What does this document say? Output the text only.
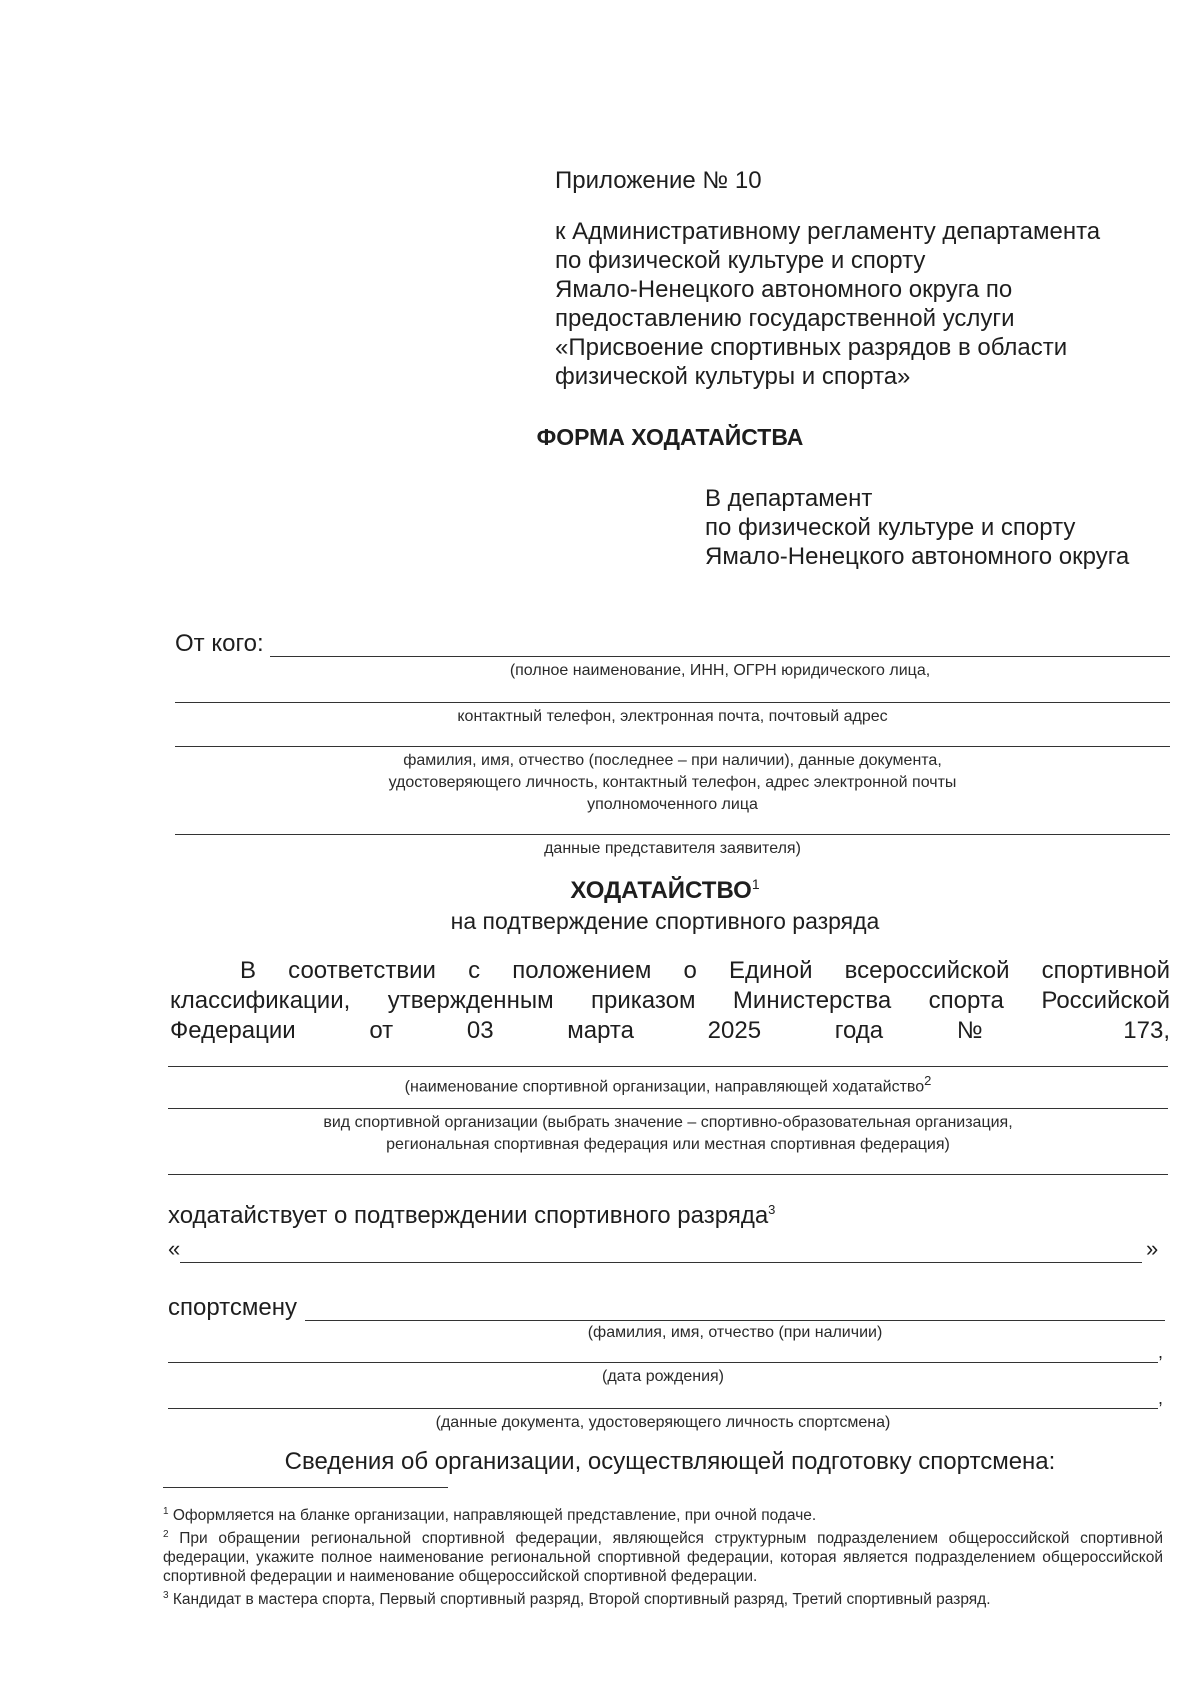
Приложение № 10
к Административному регламенту департамента
по физической культуре и спорту
Ямало-Ненецкого автономного округа по
предоставлению государственной услуги
«Присвоение спортивных разрядов в области
физической культуры и спорта»
ФОРМА ХОДАТАЙСТВА
В департамент
по физической культуре и спорту
Ямало-Ненецкого автономного округа
От кого:
(полное наименование, ИНН, ОГРН юридического лица,
контактный телефон, электронная почта, почтовый адрес
фамилия, имя, отчество (последнее – при наличии), данные документа,
удостоверяющего личность, контактный телефон, адрес электронной почты
уполномоченного лица
данные представителя заявителя)
ХОДАТАЙСТВО$^1$
на подтверждение спортивного разряда
В соответствии с положением о Единой всероссийской спортивной
классификации, утвержденным приказом Министерства спорта Российской
Федерации от 03 марта 2025 года № 173,
(наименование спортивной организации, направляющей ходатайство$^2$
вид спортивной организации (выбрать значение – спортивно-образовательная организация,
региональная спортивная федерация или местная спортивная федерация)
ходатайствует о подтверждении спортивного разряда$^3$
«	»
спортсмену
(фамилия, имя, отчество (при наличии)
,
(дата рождения)
,
(данные документа, удостоверяющего личность спортсмена)
Сведения об организации, осуществляющей подготовку спортсмена:

$^1$ Оформляется на бланке организации, направляющей представление, при очной подаче.

$^2$ При обращении региональной спортивной федерации, являющейся структурным подразделением общероссийской спортивной федерации, укажите полное наименование региональной спортивной федерации, которая является подразделением общероссийской спортивной федерации и наименование общероссийской спортивной федерации.

$^3$ Кандидат в мастера спорта, Первый спортивный разряд, Второй спортивный разряд, Третий спортивный разряд.
